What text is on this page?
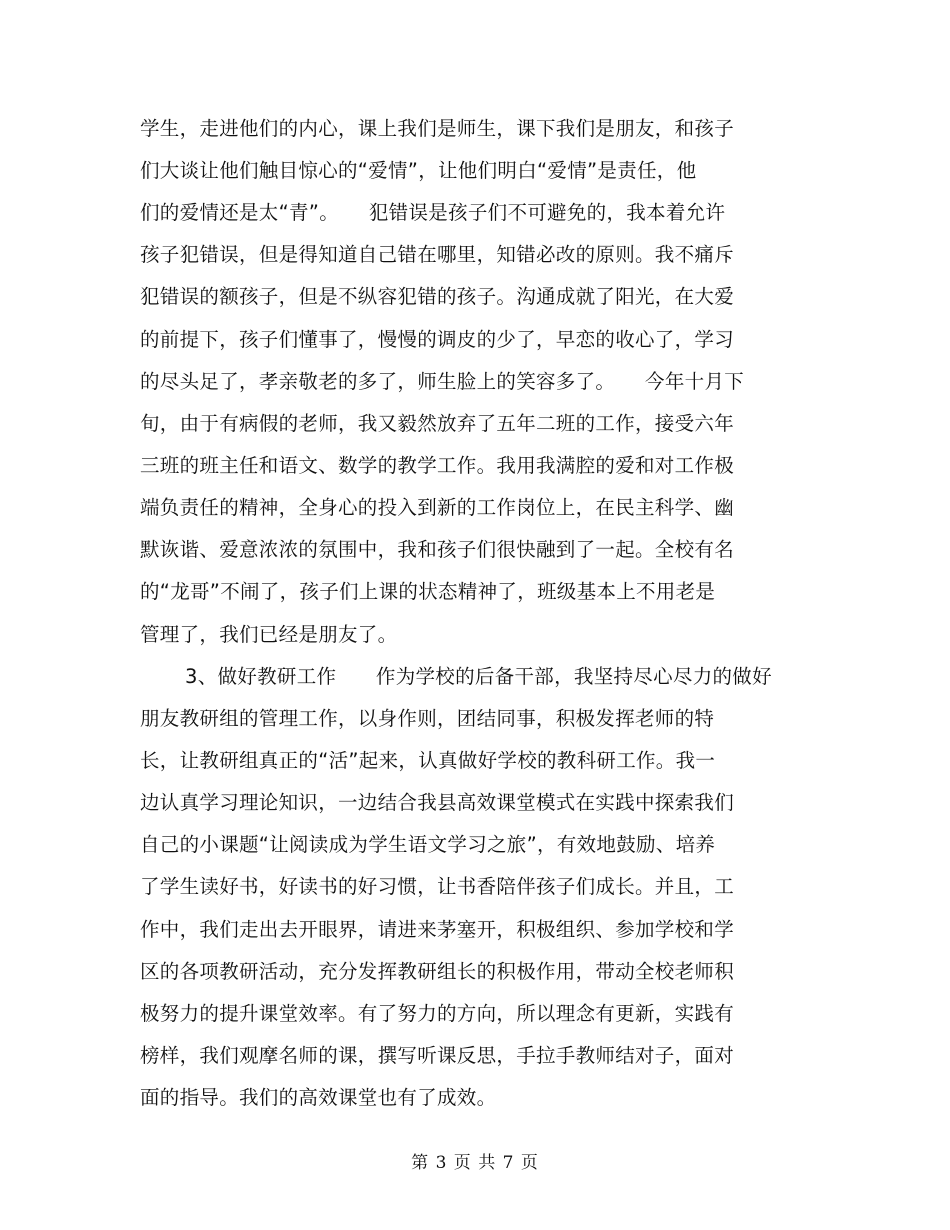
学生，走进他们的内心，课上我们是师生，课下我们是朋友，和孩子
们大谈让他们触目惊心的“爱情”，让他们明白“爱情”是责任，他
们的爱情还是太“青”。　　犯错误是孩子们不可避免的，我本着允许
孩子犯错误，但是得知道自己错在哪里，知错必改的原则。我不痛斥
犯错误的额孩子，但是不纵容犯错的孩子。沟通成就了阳光，在大爱
的前提下，孩子们懂事了，慢慢的调皮的少了，早恋的收心了，学习
的尽头足了，孝亲敬老的多了，师生脸上的笑容多了。　　今年十月下
旬，由于有病假的老师，我又毅然放弃了五年二班的工作，接受六年
三班的班主任和语文、数学的教学工作。我用我满腔的爱和对工作极
端负责任的精神，全身心的投入到新的工作岗位上，在民主科学、幽
默诙谐、爱意浓浓的氛围中，我和孩子们很快融到了一起。全校有名
的“龙哥”不闹了，孩子们上课的状态精神了，班级基本上不用老是
管理了，我们已经是朋友了。
3、做好教研工作　　作为学校的后备干部，我坚持尽心尽力的做好
朋友教研组的管理工作，以身作则，团结同事，积极发挥老师的特
长，让教研组真正的“活”起来，认真做好学校的教科研工作。我一
边认真学习理论知识，一边结合我县高效课堂模式在实践中探索我们
自己的小课题“让阅读成为学生语文学习之旅”，有效地鼓励、培养
了学生读好书，好读书的好习惯，让书香陪伴孩子们成长。并且，工
作中，我们走出去开眼界，请进来茅塞开，积极组织、参加学校和学
区的各项教研活动，充分发挥教研组长的积极作用，带动全校老师积
极努力的提升课堂效率。有了努力的方向，所以理念有更新，实践有
榜样，我们观摩名师的课，撰写听课反思，手拉手教师结对子，面对
面的指导。我们的高效课堂也有了成效。
第 3 页 共 7 页
